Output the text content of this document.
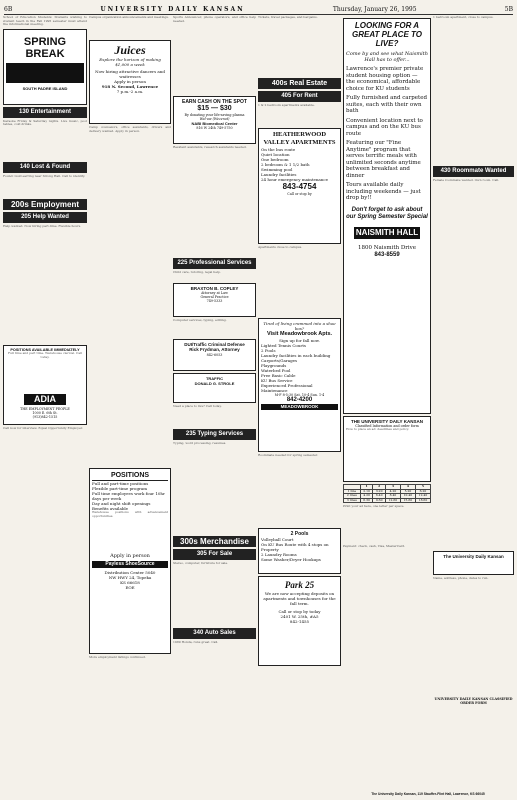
6B	UNIVERSITY DAILY KANSAN	Thursday, January 26, 1995	5B
School of Education Students: Students wishing to student teach in the Fall 1995 semester must attend the informational meeting.
SPRING BREAK
SOUTH PADRE ISLAND
130 Entertainment
Karaoke Friday & Saturday nights. Live music, pool tables, cold drinks.
140 Lost & Found
Found: Gold earring near Strong Hall. Call to identify.
200s Employment
205 Help Wanted
Help wanted. Now hiring part-time. Flexible hours.
POSITIONS AVAILABLE IMMEDIATELY
Full time and part time. Warehouse clerical. Call today.
ADIA
THE EMPLOYMENT PEOPLE
1000 E. 6th St.
(913)842-1515
Call now for interview. Equal Opportunity Employer.
Campus organization announcements and meetings.
Juices
Explore the horizon of making $1,000 a week
Now hiring attractive dancers and waitresses
Apply in person
918 N. Second, Lawrence
7 p.m.-2 a.m.
Camp counselors, office assistants, drivers and delivery wanted. Apply in person.
POSITIONS
Full and part-time positions
Flexible part-time program
Full time employees work four 10hr days per week
Day and night shift openings
Benefits available
Warehouse positions with advancement opportunities.
Apply in person
Payless ShoeSource
Distribution Center 5040
NW HWY 24, Topeka
KS 66618
EOE
More employment listings continued.
Sports Announcer, phone operators, and office help needed.
EARN CASH ON THE SPOT
$15 — $30
By donating your life-saving plasma
Wal-aw (Wezenot)
NABI Biomedical Center
816 W 24th 749-5750
Resident assistants, research assistants needed.
225 Professional Services
Child care, tutoring, legal help.
BRAXTON B. COPLEY
Attorney at Law
General Practice
749-5333
Computer services, typing, editing.
DUI/Traffic Criminal Defense
Rick Frydman, Attorney
842-6053
TRAFFIC
DONALD G. STROLE
Need a place to live? Call today.
235 Typing Services
Typing, word processing, resumes.
300s Merchandise
305 For Sale
Stereo, computer, furniture for sale.
340 Auto Sales
1989 Honda, runs great. Call.
Tickets, travel packages, and bargains.
400s Real Estate
405 For Rent
1 & 2 bedroom apartments available.
HEATHERWOOD VALLEY APARTMENTS
On the bus route
Quiet location
One bedroom
2 bedroom & 1 1/2 bath
Swimming pool
Laundry facilities
24 hour emergency maintenance
843-4754
Call or stop by
Apartments close to campus.
Tired of living crammed into a shoe box?
Visit Meadowbrook Apts.
Sign up for fall now.
Lighted Tennis Courts
2 Pools
Laundry facilities in each building
Carports/Garages
Playgrounds
Waterbed Pool
Free Basic Cable
KU Bus Service
Experienced Professional Maintenance
M-F 8-5:30 Sat. 10-4 Sun. 1-4
842-4200
MEADOWBROOK
Roommate needed for spring semester.
2 Pools
Volleyball Court
On KU Bus Route with 4 stops on Property
2 Laundry Rooms
Some Washer/Dryer Hookups
Park 25
We are now accepting deposits on apartments and townhouses for the fall term.
Call or stop by today
2401 W. 25th, #A5
842-1455
LOOKING FOR A GREAT PLACE TO LIVE?
Come by and see what Naismith Hall has to offer...
Lawrence's premier private student housing option — the economical, affordable choice for KU students
Fully furnished and carpeted suites, each with their own bath
Convenient location next to campus and on the KU bus route
Featuring our "Fine Anytime" program that serves terrific meals with unlimited seconds anytime between breakfast and dinner
Tours available daily including weekends — just drop by!!
Don't forget to ask about our Spring Semester Special
NAISMITH HALL
1800 Naismith Drive
843-8559
THE UNIVERSITY DAILY KANSAN
Classified Information and order form
How to place an ad: deadlines and policy.
	1	2	3	4	5
1 line	2.10	3.20	4.20	5.20	6.20
2 lines	4.20	6.40	8.40	10.40	12.40
3 lines	6.30	9.60	12.60	15.60	18.60
Print your ad here, one letter per space.
Payment: check, cash, Visa, MasterCard.
1 bedroom apartment, close to campus.
430 Roommate Wanted
Female roommate wanted. Own room. Call.
The University Daily Kansan
Name, address, phone, dates to run.
UNIVERSITY DAILY KANSAN CLASSIFIED ORDER FORM
The University Daily Kansan, 119 Stauffer-Flint Hall, Lawrence, KS 66045
